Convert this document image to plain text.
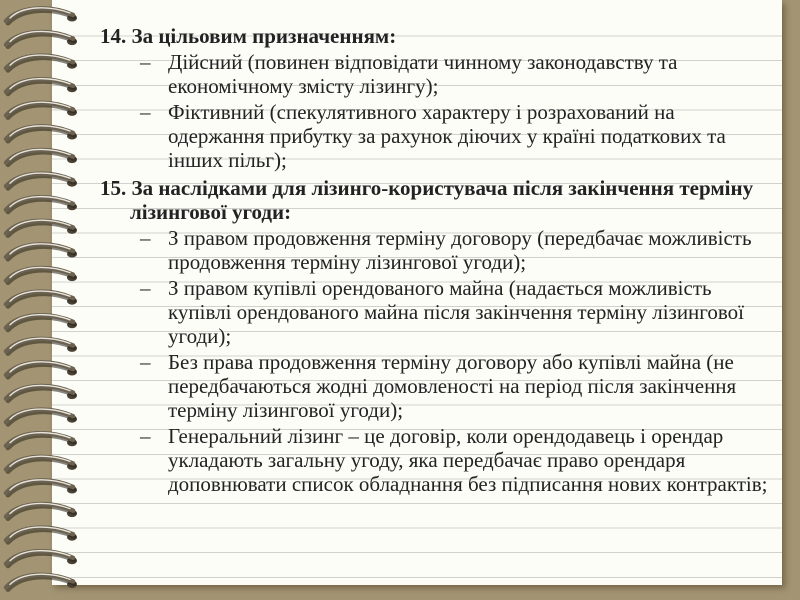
14. За цільовим призначенням:
– Дійсний (повинен відповідати чинному законодавству та економічному змісту лізингу);
– Фіктивний (спекулятивного характеру і розрахований на одержання прибутку за рахунок діючих у країні податкових та інших пільг);
15. За наслідками для лізинго-користувача після закінчення терміну лізингової угоди:
– З правом продовження терміну договору (передбачає можливість продовження терміну лізингової угоди);
– З правом купівлі орендованого майна (надається можливість купівлі орендованого майна після закінчення терміну лізингової угоди);
– Без права продовження терміну договору або купівлі майна (не передбачаються жодні домовленості на період після закінчення терміну лізингової угоди);
– Генеральний лізинг – це договір, коли орендодавець і орендар укладають загальну угоду, яка передбачає право орендаря доповнювати список обладнання без підписання нових контрактів;
